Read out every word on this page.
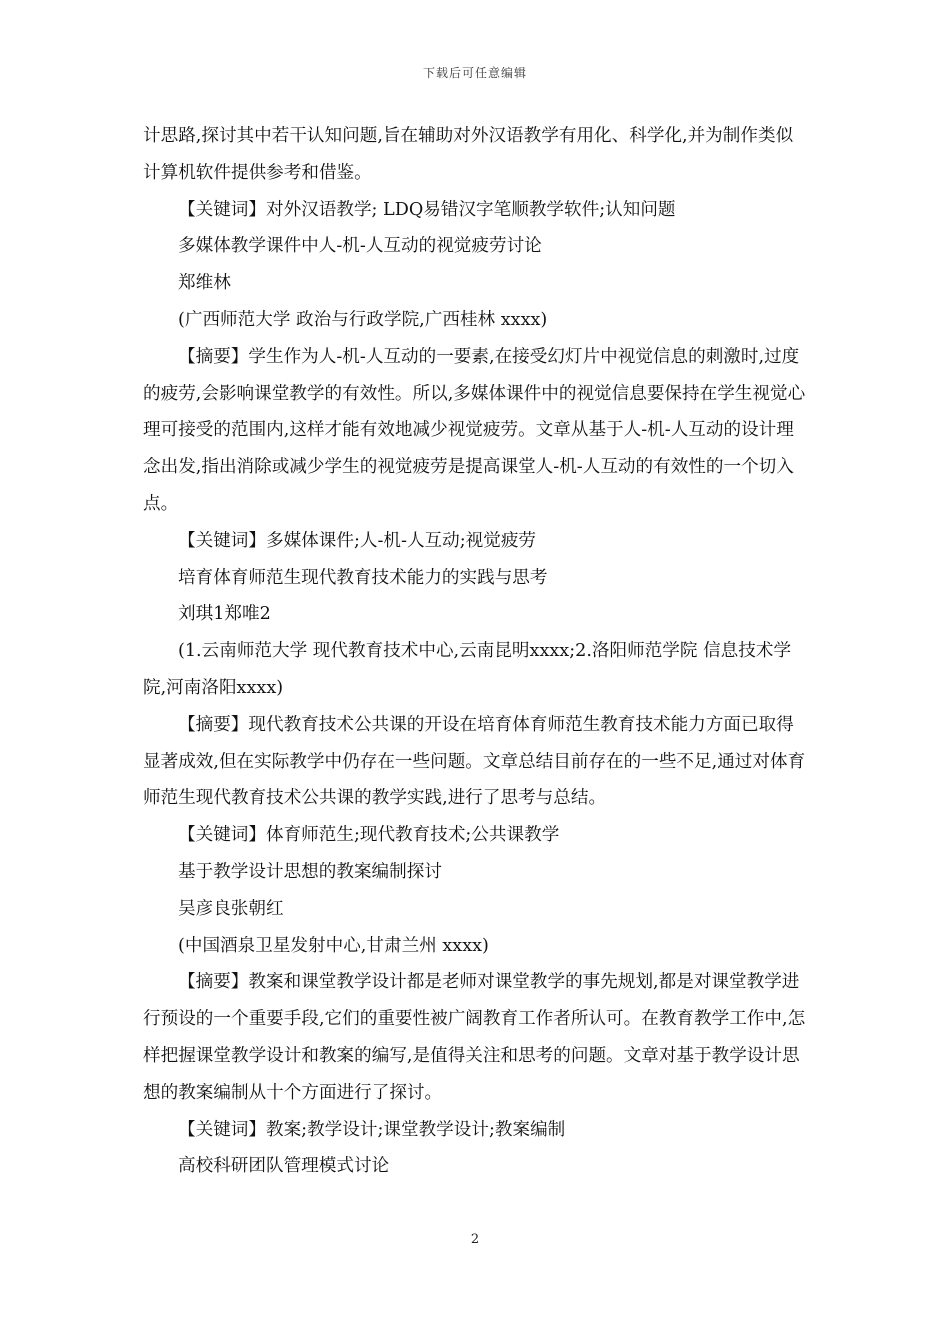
下载后可任意编辑

计思路,探讨其中若干认知问题,旨在辅助对外汉语教学有用化、科学化,并为制作类似计算机软件提供参考和借鉴。

【关键词】对外汉语教学; LDQ易错汉字笔顺教学软件;认知问题

多媒体教学课件中人-机-人互动的视觉疲劳讨论

郑维林

(广西师范大学 政治与行政学院,广西桂林 xxxx)

【摘要】学生作为人-机-人互动的一要素,在接受幻灯片中视觉信息的刺激时,过度的疲劳,会影响课堂教学的有效性。所以,多媒体课件中的视觉信息要保持在学生视觉心理可接受的范围内,这样才能有效地减少视觉疲劳。文章从基于人-机-人互动的设计理念出发,指出消除或减少学生的视觉疲劳是提高课堂人-机-人互动的有效性的一个切入点。

【关键词】多媒体课件;人-机-人互动;视觉疲劳

培育体育师范生现代教育技术能力的实践与思考

刘琪1郑唯2

(1.云南师范大学 现代教育技术中心,云南昆明xxxx;2.洛阳师范学院 信息技术学院,河南洛阳xxxx)

【摘要】现代教育技术公共课的开设在培育体育师范生教育技术能力方面已取得显著成效,但在实际教学中仍存在一些问题。文章总结目前存在的一些不足,通过对体育师范生现代教育技术公共课的教学实践,进行了思考与总结。

【关键词】体育师范生;现代教育技术;公共课教学

基于教学设计思想的教案编制探讨

吴彦良张朝红

(中国酒泉卫星发射中心,甘肃兰州 xxxx)

【摘要】教案和课堂教学设计都是老师对课堂教学的事先规划,都是对课堂教学进行预设的一个重要手段,它们的重要性被广阔教育工作者所认可。在教育教学工作中,怎样把握课堂教学设计和教案的编写,是值得关注和思考的问题。文章对基于教学设计思想的教案编制从十个方面进行了探讨。

【关键词】教案;教学设计;课堂教学设计;教案编制

高校科研团队管理模式讨论

2
